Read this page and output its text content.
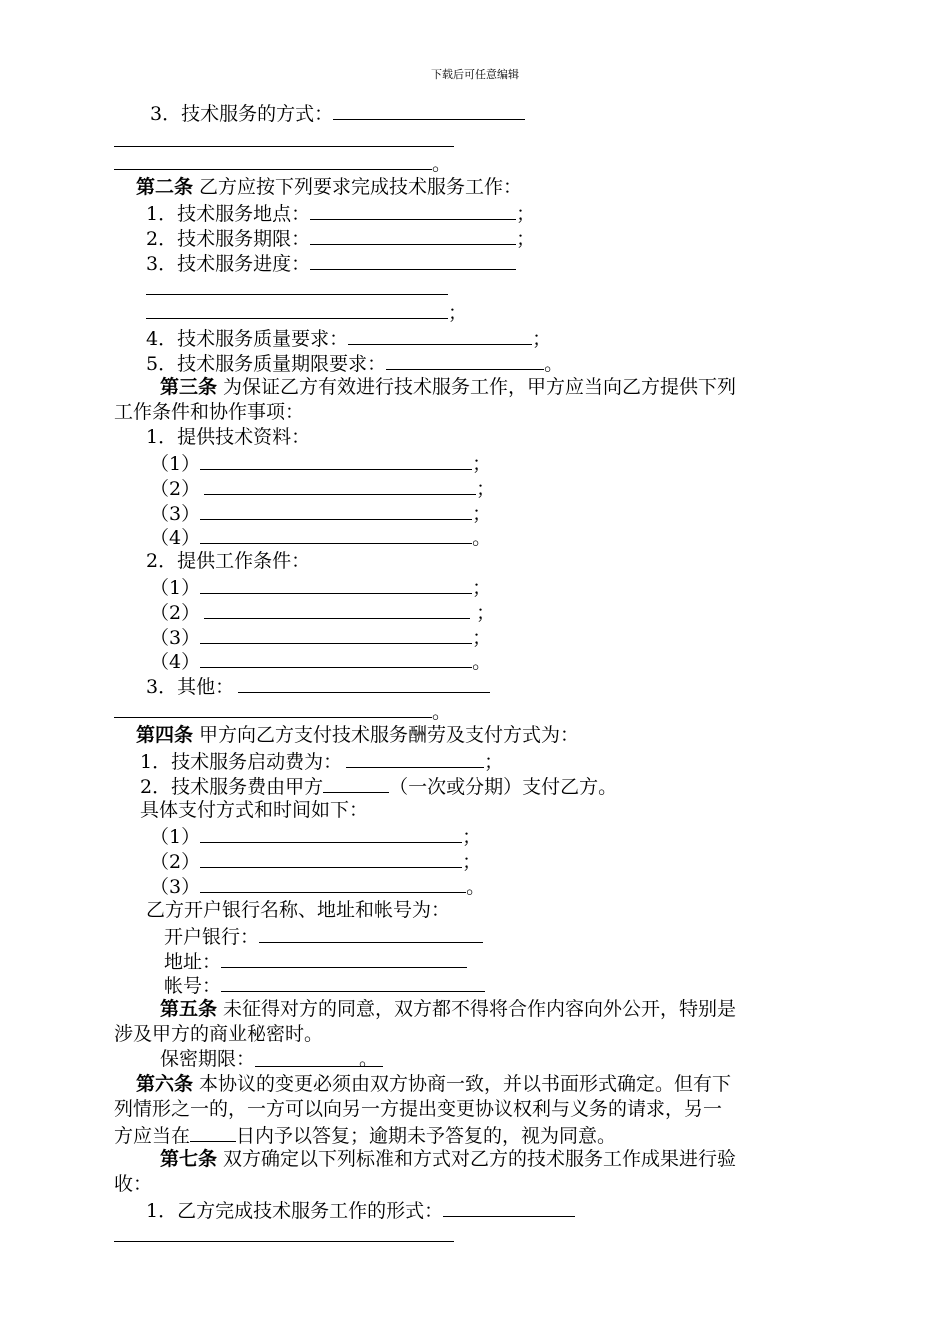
下载后可任意编辑
3．技术服务的方式：
。
第二条 乙方应按下列要求完成技术服务工作：
1．技术服务地点：	；
2．技术服务期限：	；
3．技术服务进度：
；
4．技术服务质量要求：	；
5．技术服务质量期限要求：	。
第三条 为保证乙方有效进行技术服务工作，甲方应当向乙方提供下列
工作条件和协作事项：
1．提供技术资料：
（1）	；
（2）	；
（3）	；
（4）	。
2．提供工作条件：
（1）	；
（2）	；
（3）	；
（4）	。
3．其他：
。
第四条 甲方向乙方支付技术服务酬劳及支付方式为：
1．技术服务启动费为：	；
2．技术服务费由甲方	（一次或分期）支付乙方。
具体支付方式和时间如下：
（1）	；
（2）	；
（3）	。
乙方开户银行名称、地址和帐号为：
开户银行：
地址：
帐号：
第五条 未征得对方的同意，双方都不得将合作内容向外公开，特别是
涉及甲方的商业秘密时。
保密期限：	。
第六条 本协议的变更必须由双方协商一致，并以书面形式确定。但有下
列情形之一的，一方可以向另一方提出变更协议权利与义务的请求，另一
方应当在 日内予以答复；逾期未予答复的，视为同意。
第七条 双方确定以下列标准和方式对乙方的技术服务工作成果进行验
收：
1．乙方完成技术服务工作的形式：
